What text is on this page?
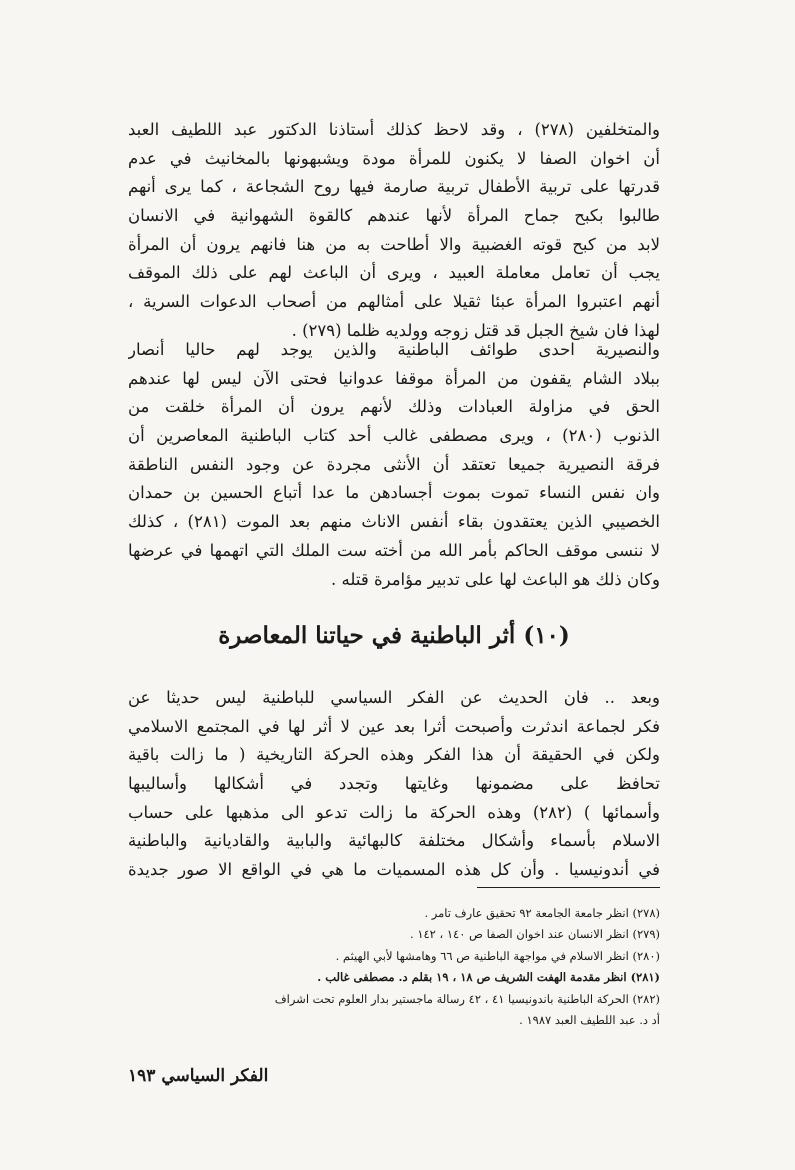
والمتخلفين (٢٧٨) ، وقد لاحظ كذلك أستاذنا الدكتور عبد اللطيف العبد

أن اخوان الصفا لا يكنون للمرأة مودة ويشبهونها بالمخانيث في عدم

قدرتها على تربية الأطفال تربية صارمة فيها روح الشجاعة ، كما يرى أنهم

طالبوا بكبح جماح المرأة لأنها عندهم كالقوة الشهوانية في الانسان

لابد من كبح قوته الغضبية والا أطاحت به من هنا فانهم يرون أن المرأة

يجب أن تعامل معاملة العبيد ، ويرى أن الباعث لهم على ذلك الموقف

أنهم اعتبروا المرأة عبئا ثقيلا على أمثالهم من أصحاب الدعوات السرية ،

لهذا فان شيخ الجبل قد قتل زوجه وولديه ظلما (٢٧٩) .

والنصيرية احدى طوائف الباطنية والذين يوجد لهم حاليا أنصار

ببلاد الشام يقفون من المرأة موقفا عدوانيا فحتى الآن ليس لها عندهم

الحق في مزاولة العبادات وذلك لأنهم يرون أن المرأة خلقت من

الذنوب (٢٨٠) ، ويرى مصطفى غالب أحد كتاب الباطنية المعاصرين أن

فرقة النصيرية جميعا تعتقد أن الأنثى مجردة عن وجود النفس الناطقة

وان نفس النساء تموت بموت أجسادهن ما عدا أتباع الحسين بن حمدان

الخصيبي الذين يعتقدون بقاء أنفس الاناث منهم بعد الموت (٢٨١) ، كذلك

لا ننسى موقف الحاكم بأمر الله من أخته ست الملك التي اتهمها في عرضها

وكان ذلك هو الباعث لها على تدبير مؤامرة قتله .

(١٠) أثر الباطنية في حياتنا المعاصرة

وبعد .. فان الحديث عن الفكر السياسي للباطنية ليس حديثا عن

فكر لجماعة اندثرت وأصبحت أثرا بعد عين لا أثر لها في المجتمع الاسلامي

ولكن في الحقيقة أن هذا الفكر وهذه الحركة التاريخية ( ما زالت باقية

تحافظ على مضمونها وغايتها وتجدد في أشكالها وأساليبها

وأسمائها ) (٢٨٢) وهذه الحركة ما زالت تدعو الى مذهبها على حساب

الاسلام بأسماء وأشكال مختلفة كالبهائية والبابية والقاديانية والباطنية

في أندونيسيا . وأن كل هذه المسميات ما هي في الواقع الا صور جديدة

(٢٧٨) انظر جامعة الجامعة ٩٢ تحقيق عارف تامر .

(٢٧٩) انظر الانسان عند اخوان الصفا ص ١٤٠ ، ١٤٢ .

(٢٨٠) انظر الاسلام في مواجهة الباطنية ص ٦٦ وهامشها لأبي الهيثم .

(٢٨١) انظر مقدمة الهفت الشريف ص ١٨ ، ١٩ بقلم د. مصطفى غالب .

(٢٨٢) الحركة الباطنية باندونيسيا ٤١ ، ٤٢ رسالة ماجستير بدار العلوم تحت اشراف

أد د. عبد اللطيف العبد ١٩٨٧ .

الفكر السياسي ١٩٣
